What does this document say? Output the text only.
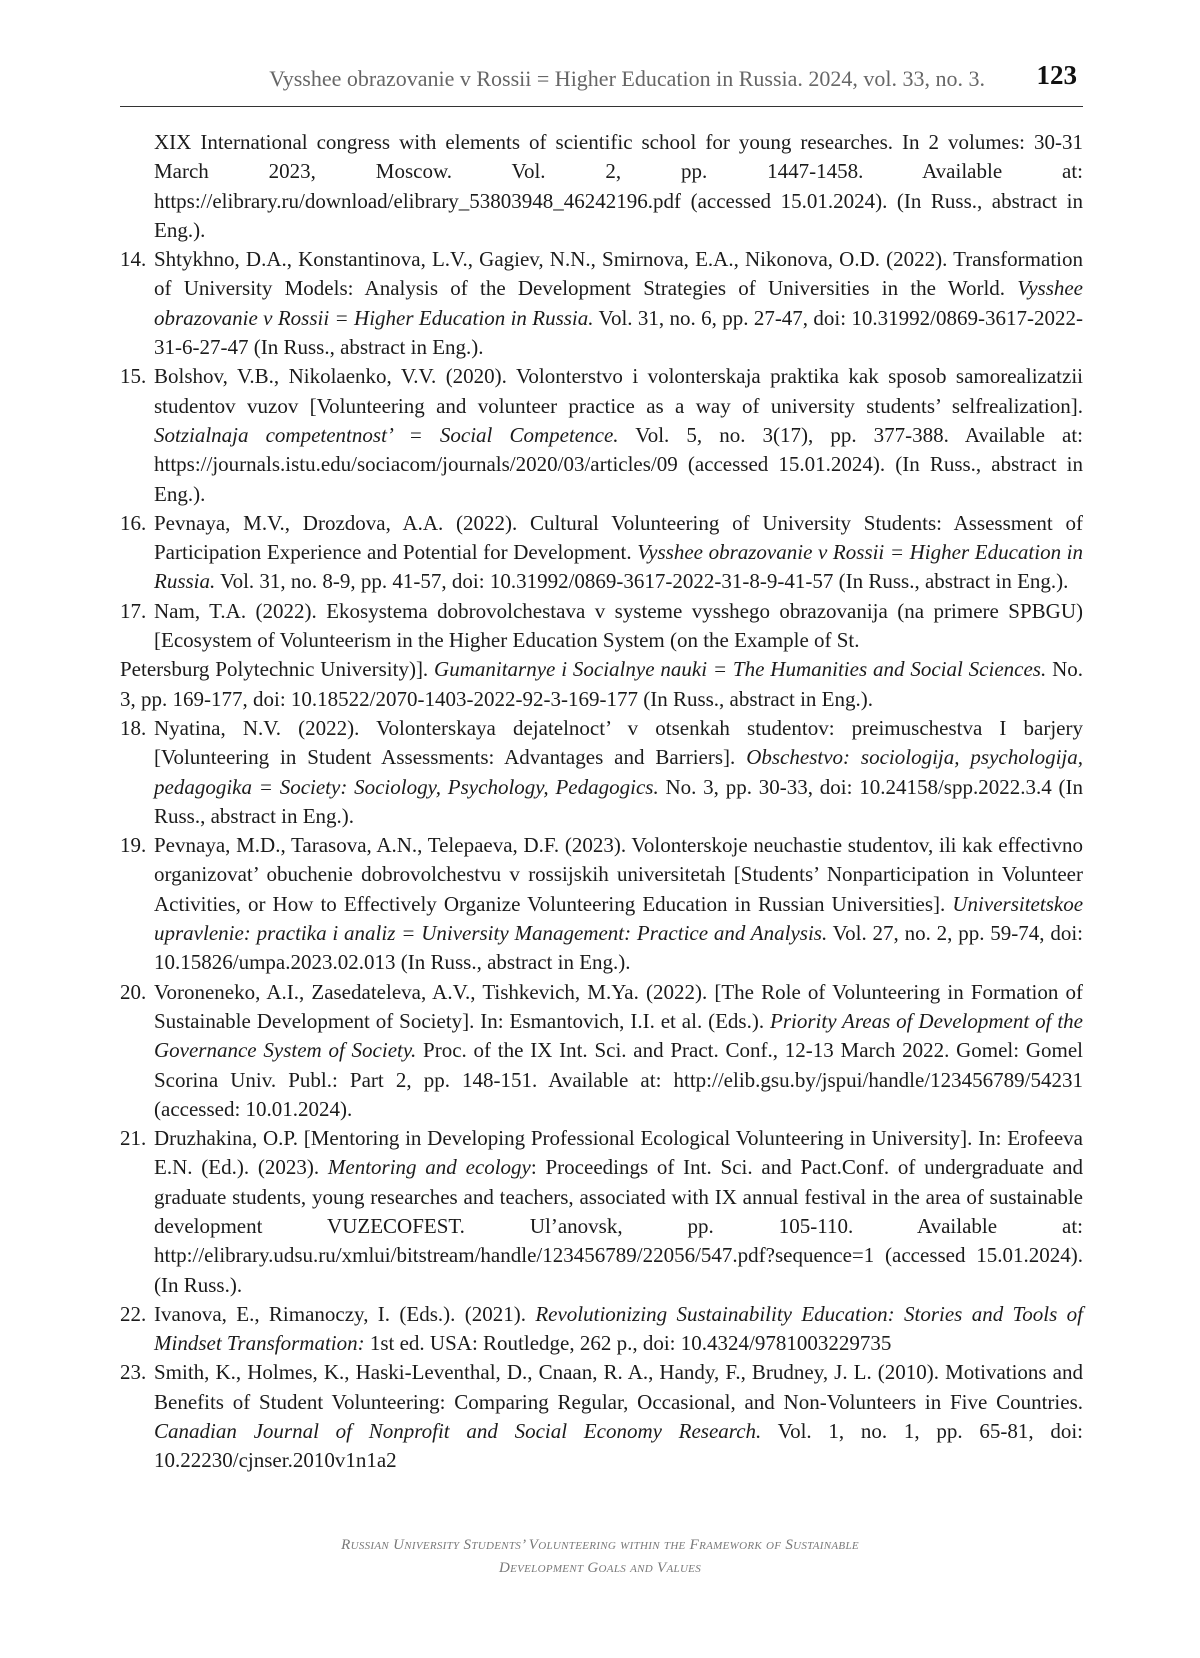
Vysshee obrazovanie v Rossii = Higher Education in Russia. 2024, vol. 33, no. 3. 123

XIX International congress with elements of scientific school for young researches. In 2 volumes: 30-31 March 2023, Moscow. Vol. 2, pp. 1447-1458. Available at: https://elibrary.ru/download/elibrary_53803948_46242196.pdf (accessed 15.01.2024). (In Russ., abstract in Eng.).

14. Shtykhno, D.A., Konstantinova, L.V., Gagiev, N.N., Smirnova, E.A., Nikonova, O.D. (2022). Transformation of University Models: Analysis of the Development Strategies of Universities in the World. Vysshee obrazovanie v Rossii = Higher Education in Russia. Vol. 31, no. 6, pp. 27-47, doi: 10.31992/0869-3617-2022-31-6-27-47 (In Russ., abstract in Eng.).

15. Bolshov, V.B., Nikolaenko, V.V. (2020). Volonterstvo i volonterskaja praktika kak sposob samorealizatzii studentov vuzov [Volunteering and volunteer practice as a way of university students’ selfrealization]. Sotzialnaja competentnost’ = Social Competence. Vol. 5, no. 3(17), pp. 377-388. Available at: https://journals.istu.edu/sociacom/journals/2020/03/articles/09 (accessed 15.01.2024). (In Russ., abstract in Eng.).

16. Pevnaya, M.V., Drozdova, A.A. (2022). Cultural Volunteering of University Students: Assessment of Participation Experience and Potential for Development. Vysshee obrazovanie v Rossii = Higher Education in Russia. Vol. 31, no. 8-9, pp. 41-57, doi: 10.31992/0869-3617-2022-31-8-9-41-57 (In Russ., abstract in Eng.).

17. Nam, T.A. (2022). Ekosystema dobrovolchestava v systeme vysshego obrazovanija (na primere SPBGU) [Ecosystem of Volunteerism in the Higher Education System (on the Example of St.

Petersburg Polytechnic University)]. Gumanitarnye i Socialnye nauki = The Humanities and Social Sciences. No. 3, pp. 169-177, doi: 10.18522/2070-1403-2022-92-3-169-177 (In Russ., abstract in Eng.).

18. Nyatina, N.V. (2022). Volonterskaya dejatelnoct’ v otsenkah studentov: preimuschestva I barjery [Volunteering in Student Assessments: Advantages and Barriers]. Obschestvo: sociologija, psychologija, pedagogika = Society: Sociology, Psychology, Pedagogics. No. 3, pp. 30-33, doi: 10.24158/spp.2022.3.4 (In Russ., abstract in Eng.).

19. Pevnaya, M.D., Tarasova, A.N., Telepaeva, D.F. (2023). Volonterskoje neuchastie studentov, ili kak effectivno organizovat’ obuchenie dobrovolchestvu v rossijskih universitetah [Students’ Nonparticipation in Volunteer Activities, or How to Effectively Organize Volunteering Education in Russian Universities]. Universitetskoe upravlenie: practika i analiz = University Management: Practice and Analysis. Vol. 27, no. 2, pp. 59-74, doi: 10.15826/umpa.2023.02.013 (In Russ., abstract in Eng.).

20. Voroneneko, A.I., Zasedateleva, A.V., Tishkevich, M.Ya. (2022). [The Role of Volunteering in Formation of Sustainable Development of Society]. In: Esmantovich, I.I. et al. (Eds.). Priority Areas of Development of the Governance System of Society. Proc. of the IX Int. Sci. and Pract. Conf., 12-13 March 2022. Gomel: Gomel Scorina Univ. Publ.: Part 2, pp. 148-151. Available at: http://elib.gsu.by/jspui/handle/123456789/54231 (accessed: 10.01.2024).

21. Druzhakina, O.P. [Mentoring in Developing Professional Ecological Volunteering in University]. In: Erofeeva E.N. (Ed.). (2023). Mentoring and ecology: Proceedings of Int. Sci. and Pact.Conf. of undergraduate and graduate students, young researches and teachers, associated with IX annual festival in the area of sustainable development VUZECOFEST. Ul’anovsk, pp. 105-110. Available at: http://elibrary.udsu.ru/xmlui/bitstream/handle/123456789/22056/547.pdf?sequence=1 (accessed 15.01.2024). (In Russ.).

22. Ivanova, E., Rimanoczy, I. (Eds.). (2021). Revolutionizing Sustainability Education: Stories and Tools of Mindset Transformation: 1st ed. USA: Routledge, 262 p., doi: 10.4324/9781003229735

23. Smith, K., Holmes, K., Haski-Leventhal, D., Cnaan, R. A., Handy, F., Brudney, J. L. (2010). Motivations and Benefits of Student Volunteering: Comparing Regular, Occasional, and Non-Volunteers in Five Countries. Canadian Journal of Nonprofit and Social Economy Research. Vol. 1, no. 1, pp. 65-81, doi: 10.22230/cjnser.2010v1n1a2

Russian University Students’ Volunteering within the Framework of Sustainable
Development Goals and Values
